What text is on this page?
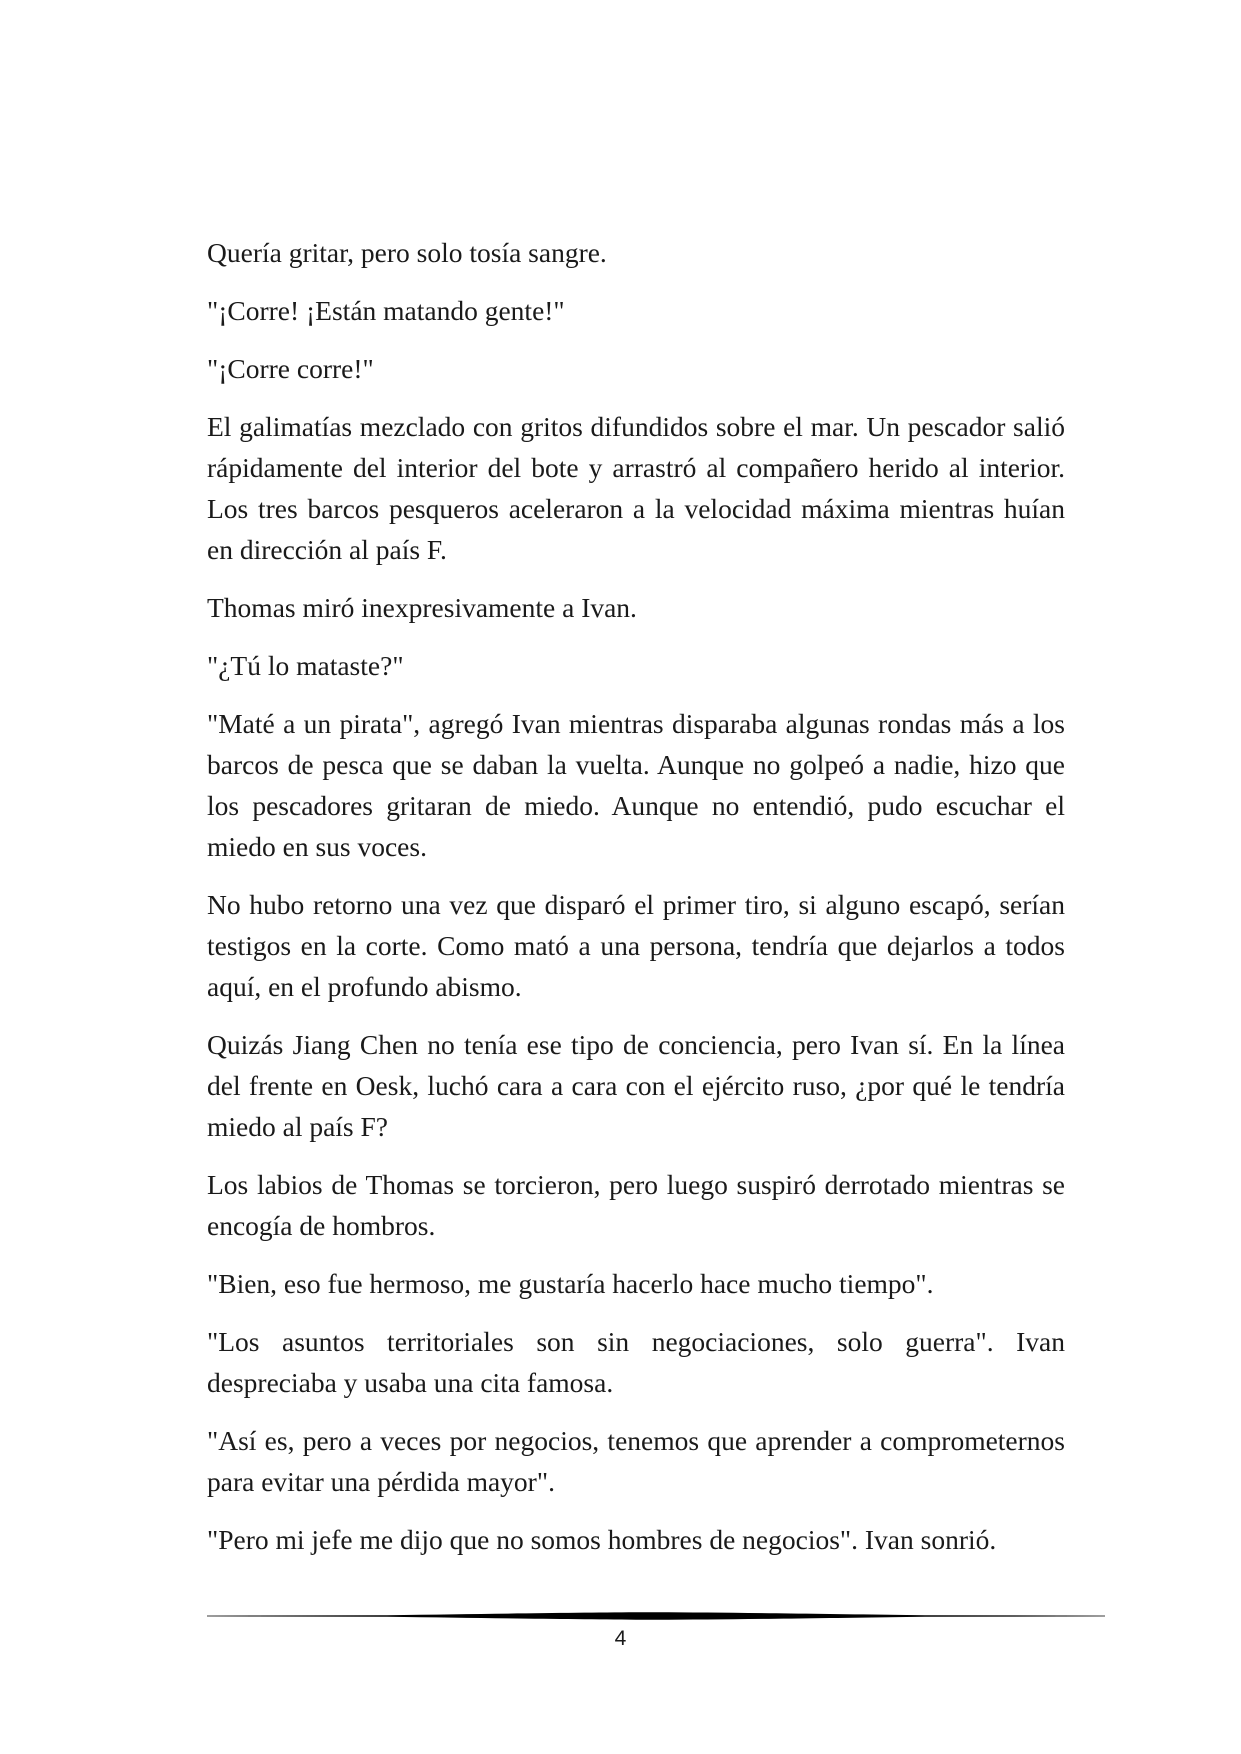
Quería gritar, pero solo tosía sangre.

"¡Corre! ¡Están matando gente!"

"¡Corre corre!"

El galimatías mezclado con gritos difundidos sobre el mar. Un pescador salió rápidamente del interior del bote y arrastró al compañero herido al interior. Los tres barcos pesqueros aceleraron a la velocidad máxima mientras huían en dirección al país F.

Thomas miró inexpresivamente a Ivan.

"¿Tú lo mataste?"

"Maté a un pirata", agregó Ivan mientras disparaba algunas rondas más a los barcos de pesca que se daban la vuelta. Aunque no golpeó a nadie, hizo que los pescadores gritaran de miedo. Aunque no entendió, pudo escuchar el miedo en sus voces.

No hubo retorno una vez que disparó el primer tiro, si alguno escapó, serían testigos en la corte. Como mató a una persona, tendría que dejarlos a todos aquí, en el profundo abismo.

Quizás Jiang Chen no tenía ese tipo de conciencia, pero Ivan sí. En la línea del frente en Oesk, luchó cara a cara con el ejército ruso, ¿por qué le tendría miedo al país F?

Los labios de Thomas se torcieron, pero luego suspiró derrotado mientras se encogía de hombros.

"Bien, eso fue hermoso, me gustaría hacerlo hace mucho tiempo".

"Los asuntos territoriales son sin negociaciones, solo guerra". Ivan despreciaba y usaba una cita famosa.

"Así es, pero a veces por negocios, tenemos que aprender a comprometernos para evitar una pérdida mayor".

"Pero mi jefe me dijo que no somos hombres de negocios". Ivan sonrió.

4
